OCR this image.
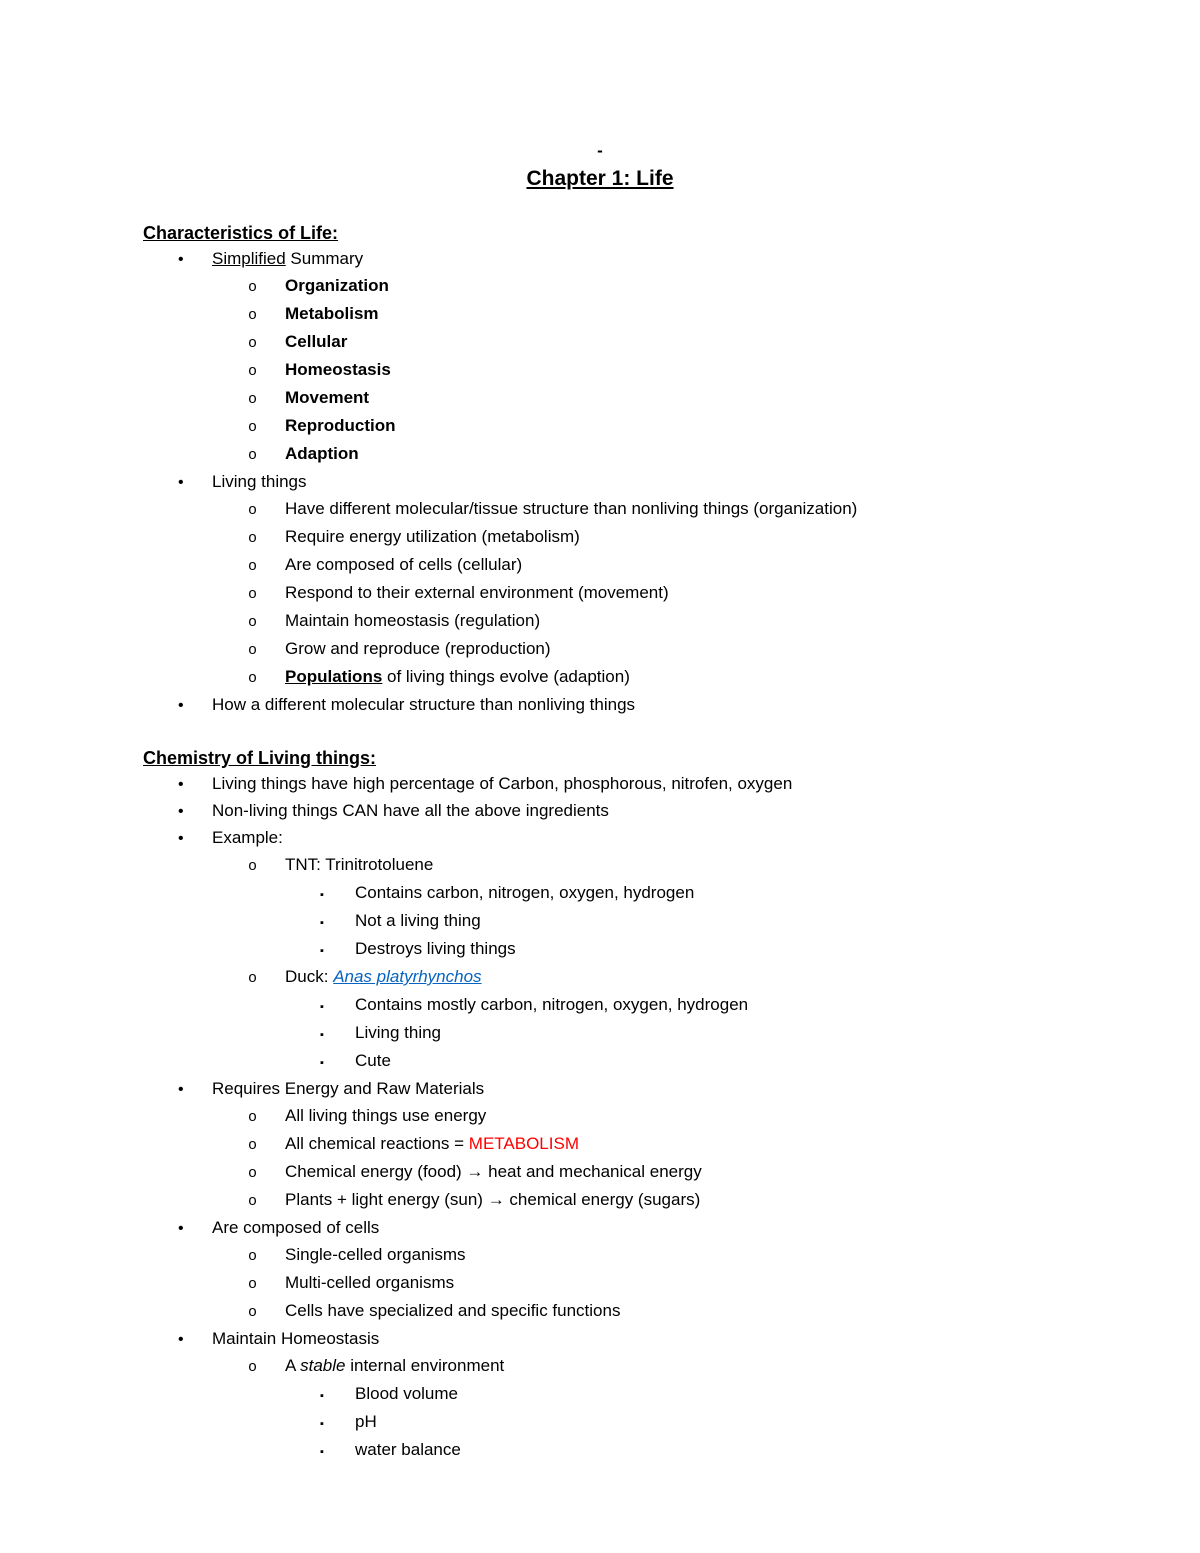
-
Chapter 1: Life
Characteristics of Life:
•	Simplified Summary
o	Organization
o	Metabolism
o	Cellular
o	Homeostasis
o	Movement
o	Reproduction
o	Adaption
•	Living things
o	Have different molecular/tissue structure than nonliving things (organization)
o	Require energy utilization (metabolism)
o	Are composed of cells (cellular)
o	Respond to their external environment (movement)
o	Maintain homeostasis (regulation)
o	Grow and reproduce (reproduction)
o	Populations of living things evolve (adaption)
•	How a different molecular structure than nonliving things
Chemistry of Living things:
•	Living things have high percentage of Carbon, phosphorous, nitrofen, oxygen
•	Non-living things CAN have all the above ingredients
•	Example:
o	TNT: Trinitrotoluene
▪	Contains carbon, nitrogen, oxygen, hydrogen
▪	Not a living thing
▪	Destroys living things
o	Duck: Anas platyrhynchos
▪	Contains mostly carbon, nitrogen, oxygen, hydrogen
▪	Living thing
▪	Cute
•	Requires Energy and Raw Materials
o	All living things use energy
o	All chemical reactions = METABOLISM
o	Chemical energy (food) → heat and mechanical energy
o	Plants + light energy (sun) → chemical energy (sugars)
•	Are composed of cells
o	Single-celled organisms
o	Multi-celled organisms
o	Cells have specialized and specific functions
•	Maintain Homeostasis
o	A stable internal environment
▪	Blood volume
▪	pH
▪	water balance
